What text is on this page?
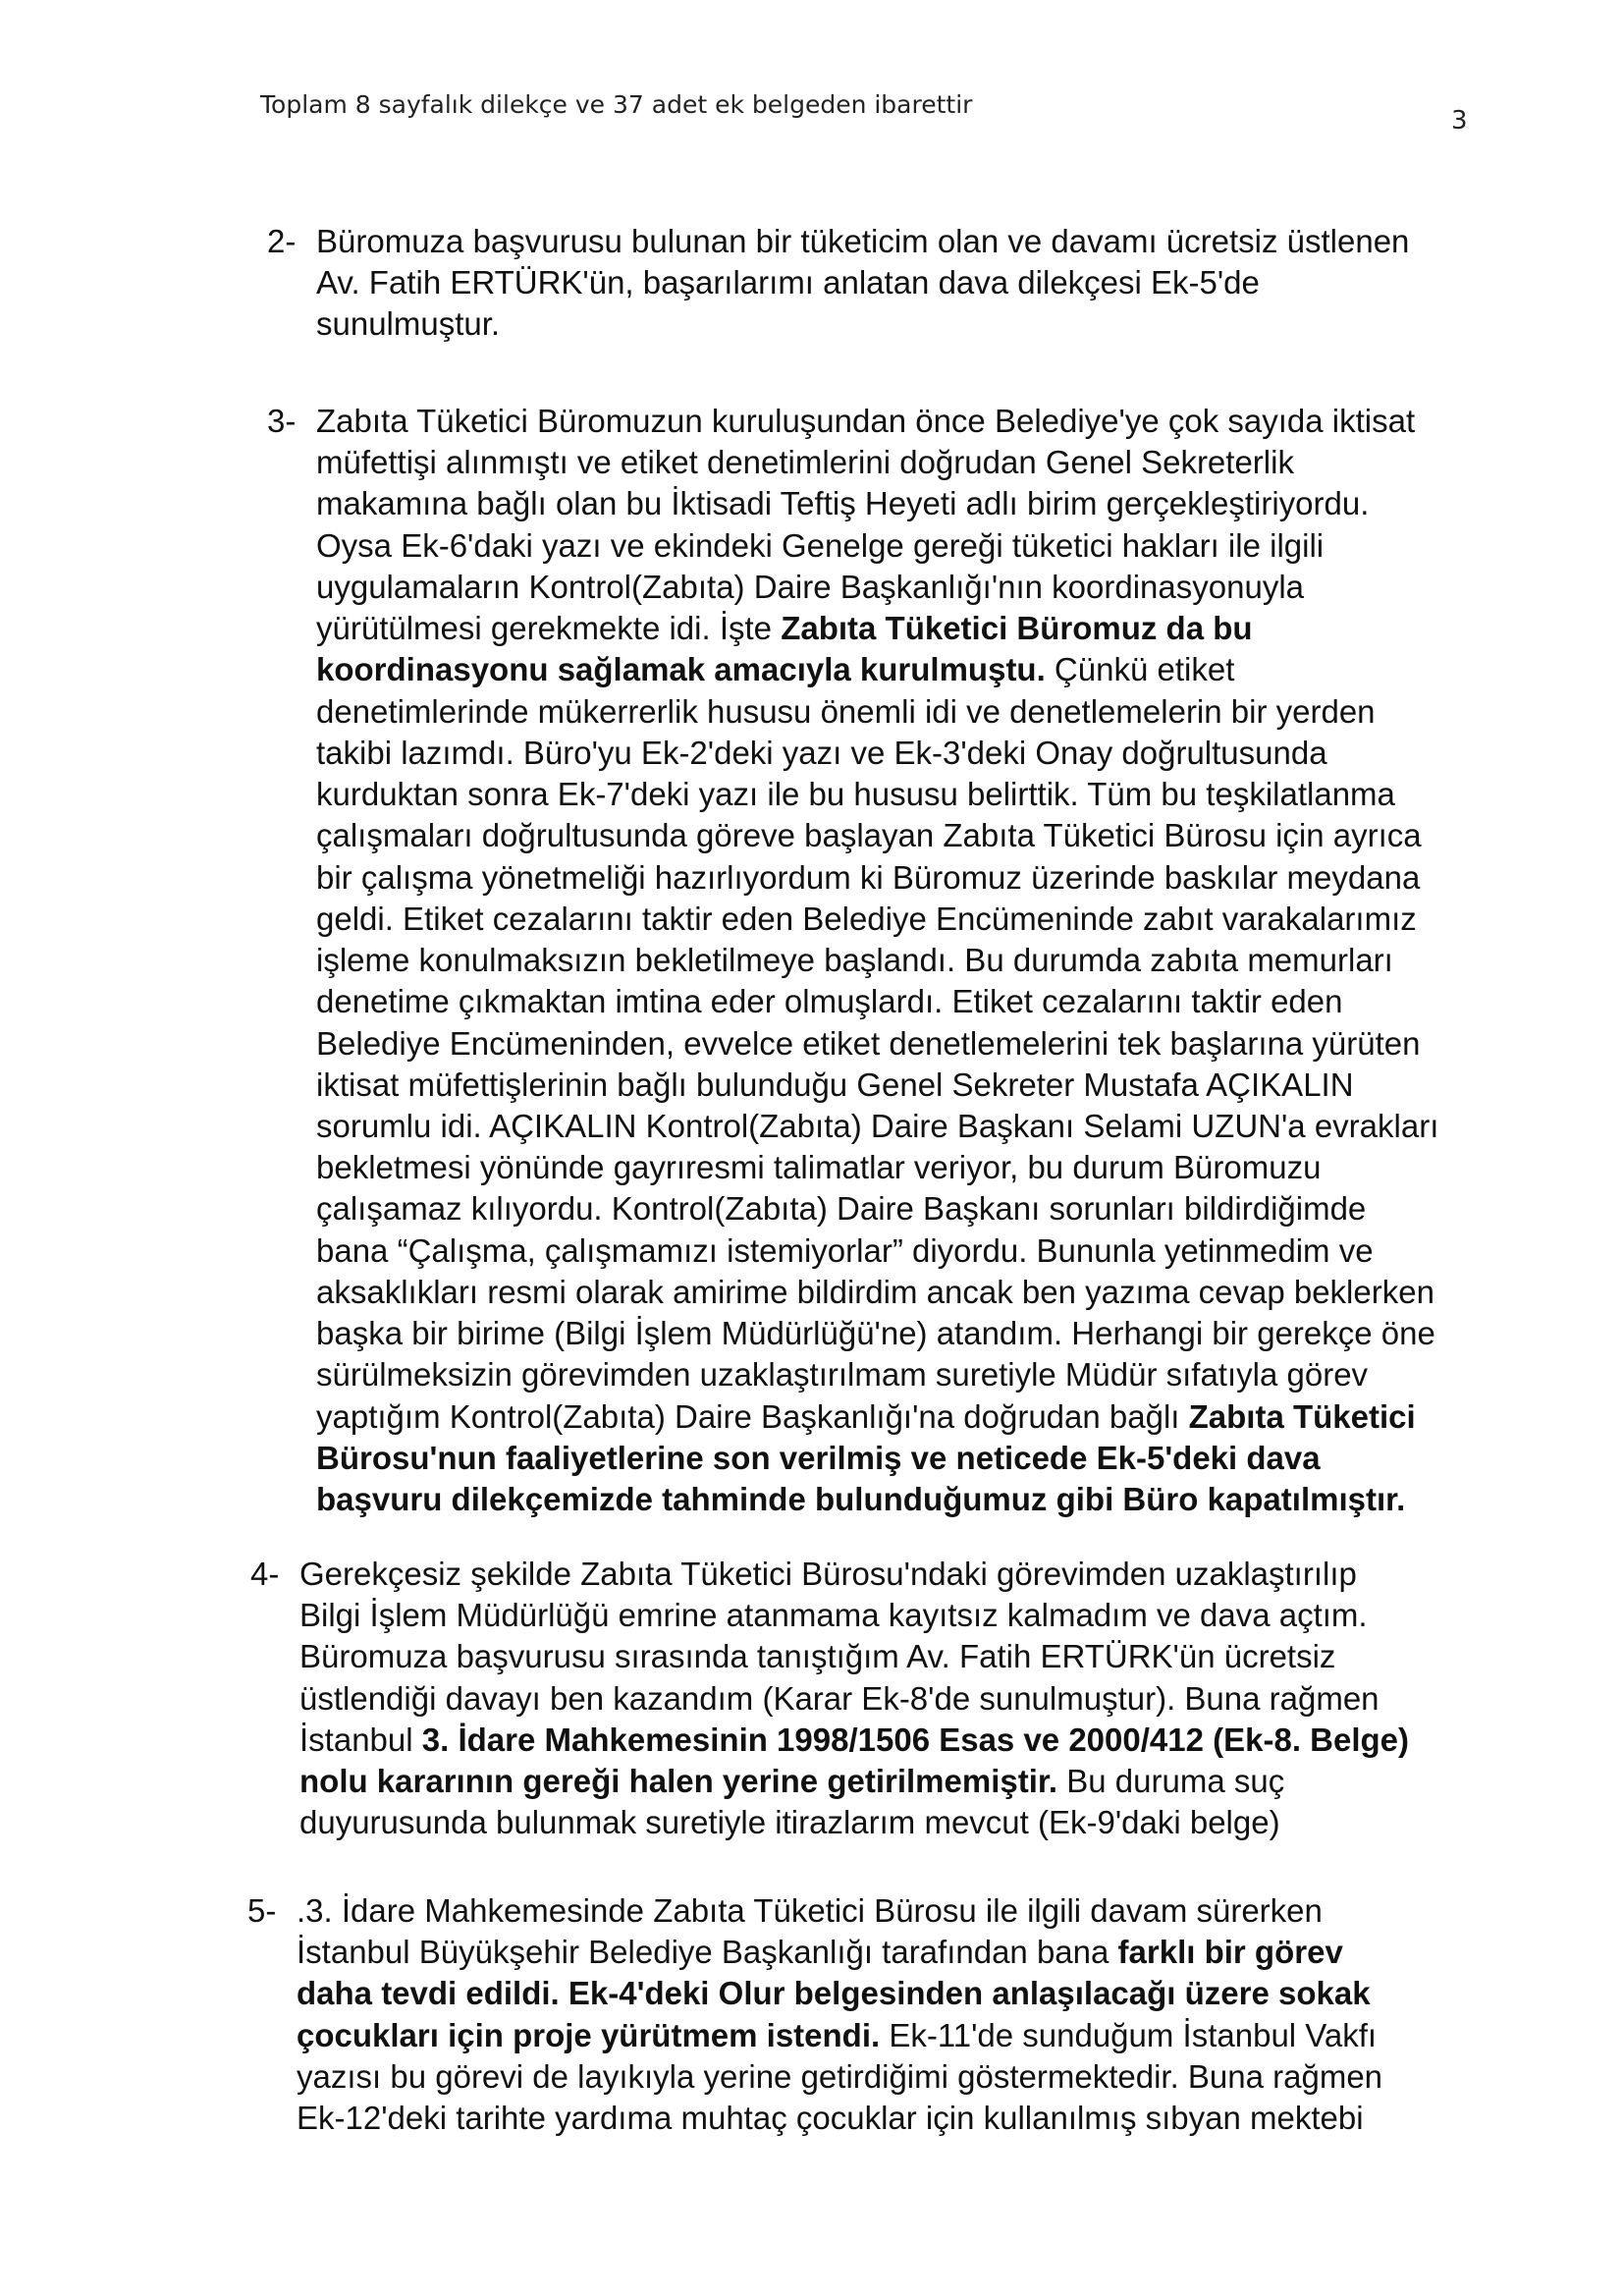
Toplam 8 sayfalık dilekçe ve 37 adet ek belgeden ibarettir
3
2- Büromuza başvurusu bulunan bir tüketicim olan ve davamı ücretsiz üstlenen
Av. Fatih ERTÜRK'ün, başarılarımı anlatan dava dilekçesi Ek-5'de
sunulmuştur.
3- Zabıta Tüketici Büromuzun kuruluşundan önce Belediye'ye çok sayıda iktisat
müfettişi alınmıştı ve etiket denetimlerini doğrudan Genel Sekreterlik
makamına bağlı olan bu İktisadi Teftiş Heyeti adlı birim gerçekleştiriyordu.
Oysa Ek-6'daki yazı ve ekindeki Genelge gereği tüketici hakları ile ilgili
uygulamaların Kontrol(Zabıta) Daire Başkanlığı'nın koordinasyonuyla
yürütülmesi gerekmekte idi. İşte Zabıta Tüketici Büromuz da bu
koordinasyonu sağlamak amacıyla kurulmuştu. Çünkü etiket
denetimlerinde mükerrerlik hususu önemli idi ve denetlemelerin bir yerden
takibi lazımdı. Büro'yu Ek-2'deki yazı ve Ek-3'deki Onay doğrultusunda
kurduktan sonra Ek-7'deki yazı ile bu hususu belirttik. Tüm bu teşkilatlanma
çalışmaları doğrultusunda göreve başlayan Zabıta Tüketici Bürosu için ayrıca
bir çalışma yönetmeliği hazırlıyordum ki Büromuz üzerinde baskılar meydana
geldi. Etiket cezalarını taktir eden Belediye Encümeninde zabıt varakalarımız
işleme konulmaksızın bekletilmeye başlandı. Bu durumda zabıta memurları
denetime çıkmaktan imtina eder olmuşlardı. Etiket cezalarını taktir eden
Belediye Encümeninden, evvelce etiket denetlemelerini tek başlarına yürüten
iktisat müfettişlerinin bağlı bulunduğu Genel Sekreter Mustafa AÇIKALIN
sorumlu idi. AÇIKALIN Kontrol(Zabıta) Daire Başkanı Selami UZUN'a evrakları
bekletmesi yönünde gayrıresmi talimatlar veriyor, bu durum Büromuzu
çalışamaz kılıyordu. Kontrol(Zabıta) Daire Başkanı sorunları bildirdiğimde
bana “Çalışma, çalışmamızı istemiyorlar” diyordu. Bununla yetinmedim ve
aksaklıkları resmi olarak amirime bildirdim ancak ben yazıma cevap beklerken
başka bir birime (Bilgi İşlem Müdürlüğü'ne) atandım. Herhangi bir gerekçe öne
sürülmeksizin görevimden uzaklaştırılmam suretiyle Müdür sıfatıyla görev
yaptığım Kontrol(Zabıta) Daire Başkanlığı'na doğrudan bağlı Zabıta Tüketici
Bürosu'nun faaliyetlerine son verilmiş ve neticede Ek-5'deki dava
başvuru dilekçemizde tahminde bulunduğumuz gibi Büro kapatılmıştır.
4- Gerekçesiz şekilde Zabıta Tüketici Bürosu'ndaki görevimden uzaklaştırılıp
Bilgi İşlem Müdürlüğü emrine atanmama kayıtsız kalmadım ve dava açtım.
Büromuza başvurusu sırasında tanıştığım Av. Fatih ERTÜRK'ün ücretsiz
üstlendiği davayı ben kazandım (Karar Ek-8'de sunulmuştur). Buna rağmen
İstanbul 3. İdare Mahkemesinin 1998/1506 Esas ve 2000/412 (Ek-8. Belge)
nolu kararının gereği halen yerine getirilmemiştir. Bu duruma suç
duyurusunda bulunmak suretiyle itirazlarım mevcut (Ek-9'daki belge)
5- .3. İdare Mahkemesinde Zabıta Tüketici Bürosu ile ilgili davam sürerken
İstanbul Büyükşehir Belediye Başkanlığı tarafından bana farklı bir görev
daha tevdi edildi. Ek-4'deki Olur belgesinden anlaşılacağı üzere sokak
çocukları için proje yürütmem istendi. Ek-11'de sunduğum İstanbul Vakfı
yazısı bu görevi de layıkıyla yerine getirdiğimi göstermektedir. Buna rağmen
Ek-12'deki tarihte yardıma muhtaç çocuklar için kullanılmış sıbyan mektebi
